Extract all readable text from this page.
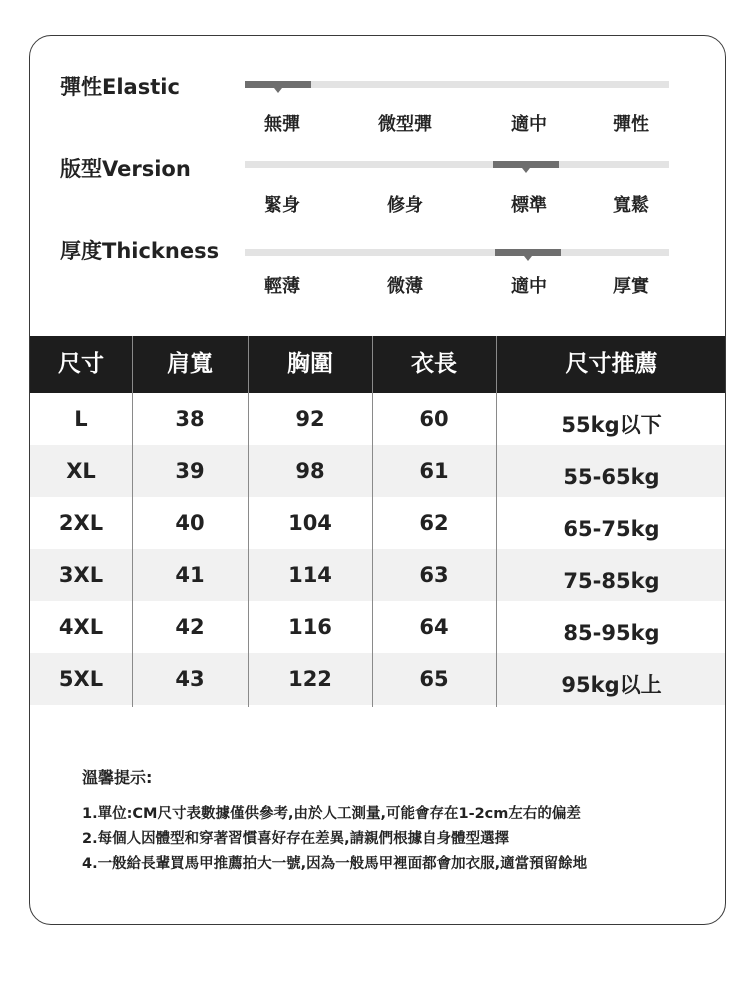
彈性Elastic
無彈	微型彈	適中	彈性
版型Version
緊身	修身	標準	寬鬆
厚度Thickness
輕薄	微薄	適中	厚實
尺寸	肩寬	胸圍	衣長	尺寸推薦
L	38	92	60	55kg以下
XL	39	98	61	55-65kg
2XL	40	104	62	65-75kg
3XL	41	114	63	75-85kg
4XL	42	116	64	85-95kg
5XL	43	122	65	95kg以上
溫馨提示:
1.單位:CM尺寸表數據僅供參考,由於人工測量,可能會存在1-2cm左右的偏差
2.每個人因體型和穿著習慣喜好存在差異,請親們根據自身體型選擇
4.一般給長輩買馬甲推薦拍大一號,因為一般馬甲裡面都會加衣服,適當預留餘地
